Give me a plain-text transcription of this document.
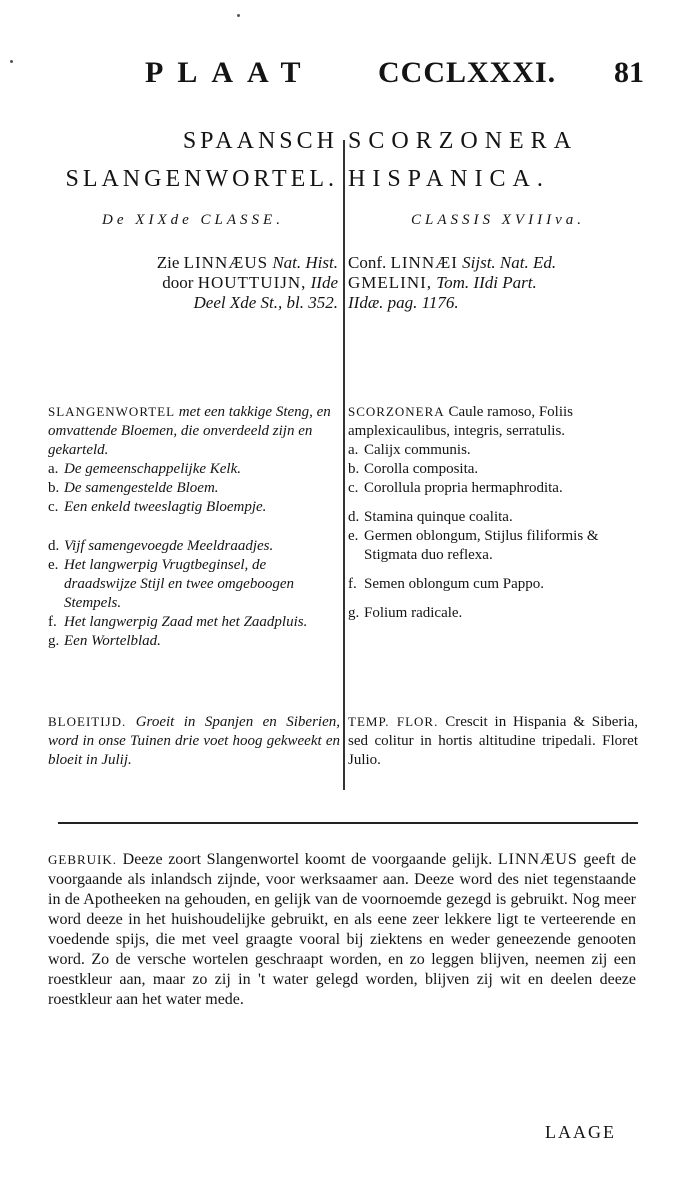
PLAAT CCCLXXXI. 81
SPAANSCH
SLANGENWORTEL.
De XIXde CLASSE.
Zie LINNÆUS Nat. Hist.
door HOUTTUIJN, IIde
Deel Xde St., bl. 352.
SCORZONERA
HISPANICA.
CLASSIS XVIIIva.
Conf. LINNÆI Sijst. Nat. Ed.
GMELINI, Tom. IIdi Part.
IIdæ. pag. 1176.
SLANGENWORTEL met een takkige Steng, en omvattende Bloemen, die onverdeeld zijn en gekarteld.
a. De gemeenschappelijke Kelk.
b. De samengestelde Bloem.
c. Een enkeld tweeslagtig Bloempje.
d. Vijf samengevoegde Meeldraadjes.
e. Het langwerpig Vrugtbeginsel, de draadswijze Stijl en twee omgeboogen Stempels.
f. Het langwerpig Zaad met het Zaadpluis.
g. Een Wortelblad.
SCORZONERA Caule ramoso, Foliis amplexicaulibus, integris, serratulis.
a. Calijx communis.
b. Corolla composita.
c. Corollula propria hermaphrodita.
d. Stamina quinque coalita.
e. Germen oblongum, Stijlus filiformis & Stigmata duo reflexa.
f. Semen oblongum cum Pappo.
g. Folium radicale.
BLOEITIJD. Groeit in Spanjen en Siberien, word in onse Tuinen drie voet hoog gekweekt en bloeit in Julij.
TEMP. FLOR. Crescit in Hispania & Siberia, sed colitur in hortis altitudine tripedali. Floret Julio.
GEBRUIK. Deeze zoort Slangenwortel koomt de voorgaande gelijk. LINNÆUS geeft de voorgaande als inlandsch zijnde, voor werksaamer aan. Deeze word des niet tegenstaande in de Apotheeken na gehouden, en gelijk van de voornoemde gezegd is gebruikt. Nog meer word deeze in het huishoudelijke gebruikt, en als eene zeer lekkere ligt te verteerende en voedende spijs, die met veel graagte vooral bij ziektens en weder geneezende genooten word. Zo de versche wortelen geschraapt worden, en zo leggen blijven, neemen zij een roestkleur aan, maar zo zij in 't water gelegd worden, blijven zij wit en deelen deeze roestkleur aan het water mede.
LAAGE
